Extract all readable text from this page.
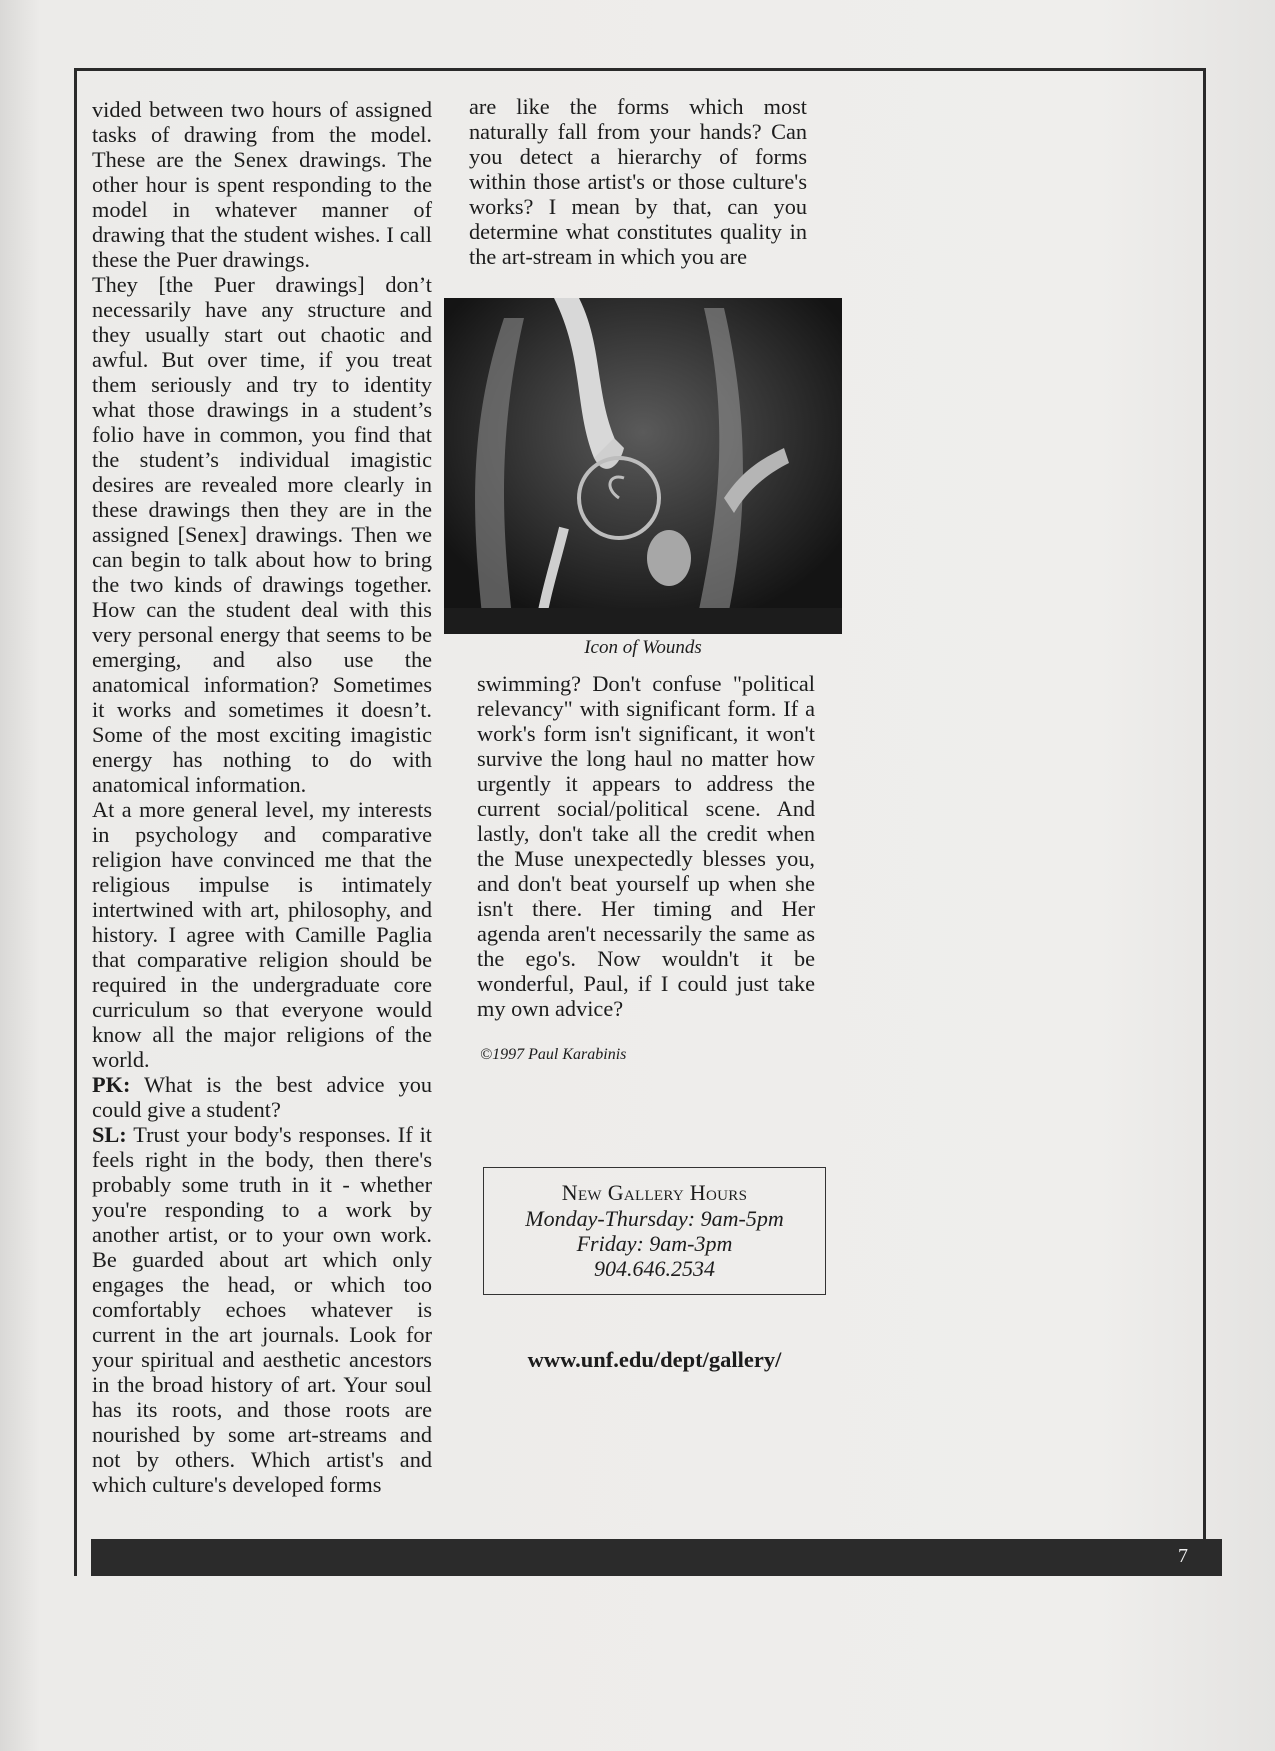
vided between two hours of assigned tasks of drawing from the model. These are the Senex drawings. The other hour is spent responding to the model in whatever manner of drawing that the student wishes. I call these the Puer drawings.

They [the Puer drawings] don’t necessarily have any structure and they usually start out chaotic and awful. But over time, if you treat them seriously and try to identity what those drawings in a student’s folio have in common, you find that the student’s individual imagistic desires are revealed more clearly in these drawings then they are in the assigned [Senex] drawings. Then we can begin to talk about how to bring the two kinds of drawings together. How can the student deal with this very personal energy that seems to be emerging, and also use the anatomical information? Sometimes it works and sometimes it doesn’t. Some of the most exciting imagistic energy has nothing to do with anatomical information.

At a more general level, my interests in psychology and comparative religion have convinced me that the religious impulse is intimately intertwined with art, philosophy, and history. I agree with Camille Paglia that comparative religion should be required in the undergraduate core curriculum so that everyone would know all the major religions of the world.

PK: What is the best advice you could give a student?

SL: Trust your body's responses. If it feels right in the body, then there's probably some truth in it - whether you're responding to a work by another artist, or to your own work. Be guarded about art which only engages the head, or which too comfortably echoes whatever is current in the art journals. Look for your spiritual and aesthetic ancestors in the broad history of art. Your soul has its roots, and those roots are nourished by some art-streams and not by others. Which artist's and which culture's developed forms

are like the forms which most naturally fall from your hands? Can you detect a hierarchy of forms within those artist's or those culture's works? I mean by that, can you determine what constitutes quality in the art-stream in which you are

Icon of Wounds

swimming? Don't confuse "political relevancy" with significant form. If a work's form isn't significant, it won't survive the long haul no matter how urgently it appears to address the current social/political scene. And lastly, don't take all the credit when the Muse unexpectedly blesses you, and don't beat yourself up when she isn't there. Her timing and Her agenda aren't necessarily the same as the ego's. Now wouldn't it be wonderful, Paul, if I could just take my own advice?

©1997 Paul Karabinis
New Gallery Hours
Monday-Thursday: 9am-5pm
Friday: 9am-3pm
904.646.2534
www.unf.edu/dept/gallery/
7
